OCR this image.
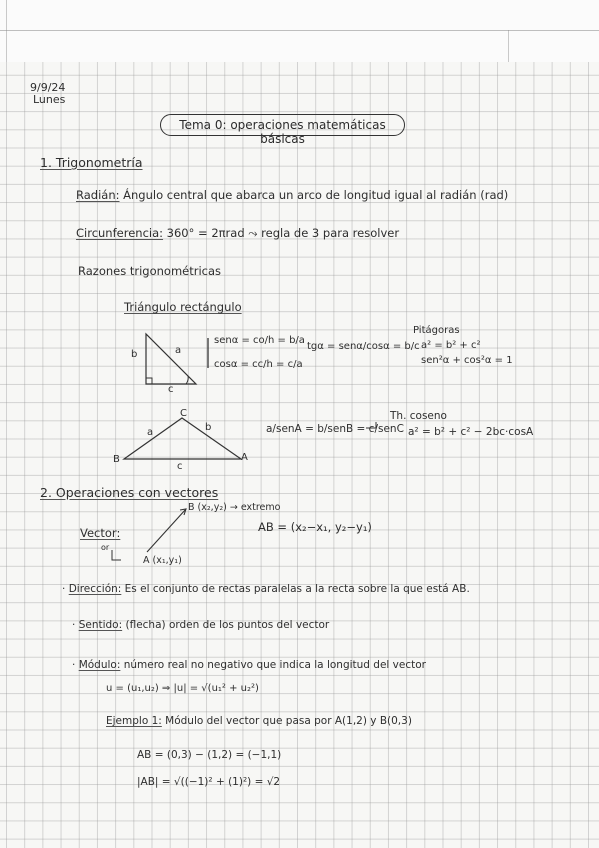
9/9/24
Lunes
Tema 0: operaciones matemáticas básicas
1. Trigonometría
Radián: Ángulo central que abarca un arco de longitud igual al radián (rad)
Circunferencia: 360° = 2πrad ⤳ regla de 3 para resolver
Razones trigonométricas
Triángulo rectángulo
b	a
c
senα = co/h = b/a
cosα = cc/h = c/a
tgα = senα/cosα = b/c
Pitágoras
a² = b² + c²
sen²α + cos²α = 1
C
B	A
a	b
c
a/senA = b/senB = c/senC
Th. coseno
a² = b² + c² − 2bc·cosA
2. Operaciones con vectores
Vector:
B (x₂,y₂) → extremo
A (x₁,y₁)
or
AB = (x₂−x₁, y₂−y₁)
· Dirección: Es el conjunto de rectas paralelas a la recta sobre la que está AB.
· Sentido: (flecha) orden de los puntos del vector
· Módulo: número real no negativo que indica la longitud del vector
u = (u₁,u₂) ⇒ |u| = √(u₁² + u₂²)
Ejemplo 1: Módulo del vector que pasa por A(1,2) y B(0,3)
AB = (0,3) − (1,2) = (−1,1)
|AB| = √((−1)² + (1)²) = √2
